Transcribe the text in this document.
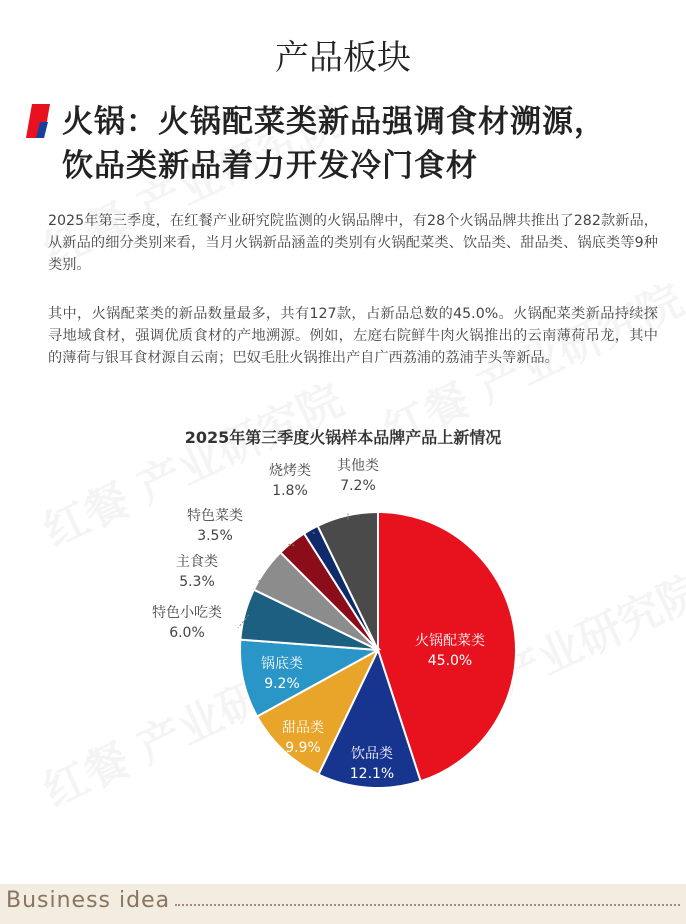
产品板块
火锅：火锅配菜类新品强调食材溯源，
饮品类新品着力开发冷门食材
2025年第三季度，在红餐产业研究院监测的火锅品牌中，有28个火锅品牌共推出了282款新品，从新品的细分类别来看，当月火锅新品涵盖的类别有火锅配菜类、饮品类、甜品类、锅底类等9种类别。
其中，火锅配菜类的新品数量最多，共有127款，占新品总数的45.0%。火锅配菜类新品持续探寻地域食材，强调优质食材的产地溯源。例如，左庭右院鲜牛肉火锅推出的云南薄荷吊龙，其中的薄荷与银耳食材源自云南；巴奴毛肚火锅推出产自广西荔浦的荔浦芋头等新品。
2025年第三季度火锅样本品牌产品上新情况
火锅配菜类
45.0%
饮品类
12.1%
甜品类
9.9%
锅底类
9.2%
特色小吃类
6.0%
主食类
5.3%
特色菜类
3.5%
烧烤类
1.8%
其他类
7.2%
Business idea
